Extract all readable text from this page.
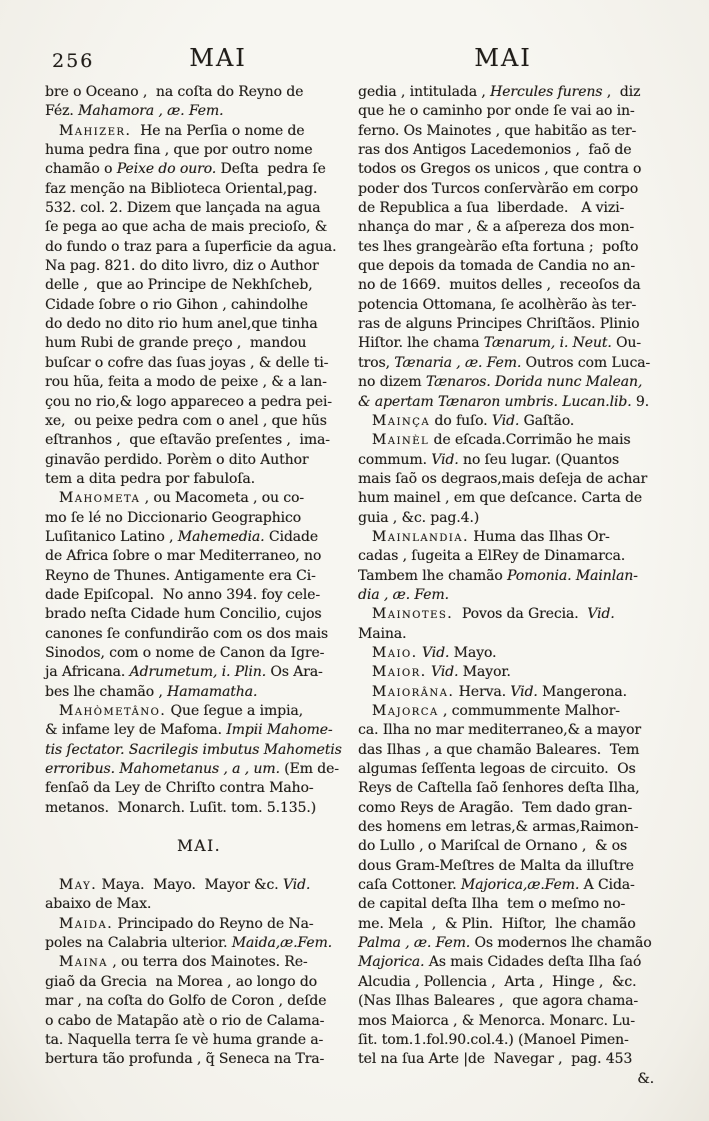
256	MAI	MAI
bre o Oceano ,  na coſta do Reyno de
Féz. Mahamora , æ. Fem.
 Mahizer.  He na Perſia o nome de
huma pedra fina , que por outro nome
chamão o Peixe do ouro. Deſta  pedra ſe
faz menção na Biblioteca Oriental,pag.
532. col. 2. Dizem que lançada na agua
ſe pega ao que acha de mais precioſo, &
do fundo o traz para a ſuperficie da agua.
Na pag. 821. do dito livro, diz o Author
delle ,  que ao Principe de Nekhſcheb,
Cidade ſobre o rio Gihon , cahindolhe
do dedo no dito rio hum anel,que tinha
hum Rubi de grande preço ,  mandou
buſcar o cofre das ſuas joyas , & delle ti-
rou hũa, feita a modo de peixe , & a lan-
çou no rio,& logo appareceo a pedra pei-
xe,  ou peixe pedra com o anel , que hũs
eſtranhos ,  que eſtavão preſentes ,  ima-
ginavão perdido. Porèm o dito Author
tem a dita pedra por fabuloſa.
 Mahometa , ou Macometa , ou co-
mo ſe lé no Diccionario Geographico
Luſitanico Latino , Mahemedia. Cidade
de Africa ſobre o mar Mediterraneo, no
Reyno de Thunes. Antigamente era Ci-
dade Epiſcopal.  No anno 394. foy cele-
brado neſta Cidade hum Concilio, cujos
canones ſe confundirão com os dos mais
Sinodos, com o nome de Canon da Igre-
ja Africana. Adrumetum, i. Plin. Os Ara-
bes lhe chamão , Hamamatha.
 Mahòmetâno. Que ſegue a impia,
& infame ley de Mafoma. Impii Mahome-
tis ſectator. Sacrilegis imbutus Mahometis
erroribus. Mahometanus , a , um. (Em de-
fenſaõ da Ley de Chriſto contra Maho-
metanos.  Monarch. Luſit. tom. 5.135.)
MAI.
 May. Maya.  Mayo.  Mayor &c. Vid.
abaixo de Max.
 Maida. Principado do Reyno de Na-
poles na Calabria ulterior. Maida,æ.Fem.
 Maina , ou terra dos Mainotes. Re-
giaõ da Grecia  na Morea , ao longo do
mar , na coſta do Golfo de Coron , deſde
o cabo de Matapão atè o rio de Calama-
ta. Naquella terra ſe vè huma grande a-
bertura tão profunda , q̃ Seneca na Tra-
gedia , intitulada , Hercules furens ,  diz
que he o caminho por onde ſe vai ao in-
ferno. Os Mainotes , que habitão as ter-
ras dos Antigos Lacedemonios ,  faõ de
todos os Gregos os unicos , que contra o
poder dos Turcos conſervàrão em corpo
de Republica a ſua  liberdade.   A vizi-
nhança do mar , & a aſpereza dos mon-
tes lhes grangeàrão eſta fortuna ;  poſto
que depois da tomada de Candia no an-
no de 1669.  muitos delles ,  receoſos da
potencia Ottomana, ſe acolhèrão às ter-
ras de alguns Principes Chriſtãos. Plinio
Hiſtor. lhe chama Tænarum, i. Neut. Ou-
tros, Tænaria , æ. Fem. Outros com Luca-
no dizem Tænaros. Dorida nunc Malean,
& apertam Tænaron umbris. Lucan.lib. 9.
 Mainça do fuſo. Vid. Gaſtão.
 Mainèl de eſcada.Corrimão he mais
commum. Vid. no ſeu lugar. (Quantos
mais ſaõ os degraos,mais deſeja de achar
hum mainel , em que deſcance. Carta de
guia , &c. pag.4.)
 Mainlandia. Huma das Ilhas Or-
cadas , ſugeita a ElRey de Dinamarca.
Tambem lhe chamão Pomonia. Mainlan-
dia , æ. Fem.
 Mainotes.  Povos da Grecia.  Vid.
Maina.
 Maio. Vid. Mayo.
 Maior. Vid. Mayor.
 Maiorâna. Herva. Vid. Mangerona.
 Majorca , commummente Malhor-
ca. Ilha no mar mediterraneo,& a mayor
das Ilhas , a que chamão Baleares.  Tem
algumas ſeſſenta legoas de circuito.  Os
Reys de Caſtella ſaõ ſenhores deſta Ilha,
como Reys de Aragão.  Tem dado gran-
des homens em letras,& armas,Raimon-
do Lullo , o Mariſcal de Ornano ,  & os
dous Gram-Meſtres de Malta da illuſtre
caſa Cottoner. Majorica,æ.Fem. A Cida-
de capital deſta Ilha  tem o meſmo no-
me. Mela  ,  & Plin.  Hiſtor,  lhe chamão
Palma , æ. Fem. Os modernos lhe chamão
Majorica. As mais Cidades deſta Ilha ſaó
Alcudia , Pollencia ,  Arta ,  Hinge ,  &c.
(Nas Ilhas Baleares ,  que agora chama-
mos Maiorca , & Menorca. Monarc. Lu-
ſit. tom.1.fol.90.col.4.) (Manoel Pimen-
tel na ſua Arte |de  Navegar ,  pag. 453
&.
